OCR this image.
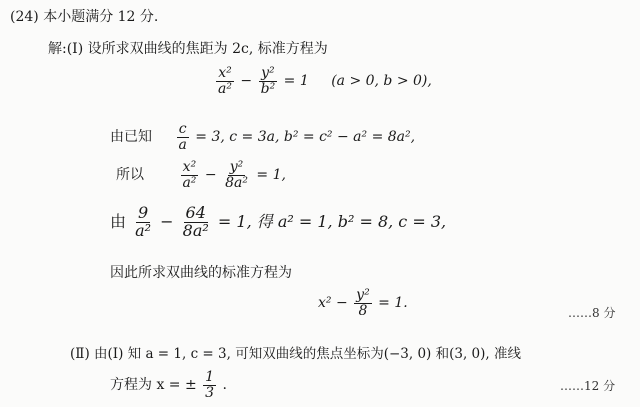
(24) 本小题满分 12 分.
解:(Ⅰ) 设所求双曲线的焦距为 2c, 标准方程为
$\frac{\text{x²}}{\text{a²}} - \frac{\text{y²}}{\text{b²}} = 1$ (a > 0, b > 0),
由已知 $\frac{c}{a} = 3$, c = 3a, b² = c² − a² = 8a²,
所以	$\frac{\text{x²}}{\text{a²}} - \frac{\text{y²}}{\text{8a²}} = 1$,
由 $\frac{9}{\text{a²}} - \frac{64}{\text{8a²}} = 1$, 得 a² = 1, b² = 8, c = 3,
因此所求双曲线的标准方程为
$x^2 - \frac{\text{y²}}{8} = 1$.
……8 分
(Ⅱ) 由(Ⅰ) 知 a = 1, c = 3, 可知双曲线的焦点坐标为(−3, 0) 和(3, 0), 准线
方程为 x = ± $\frac{1}{3}$ .	……12 分
